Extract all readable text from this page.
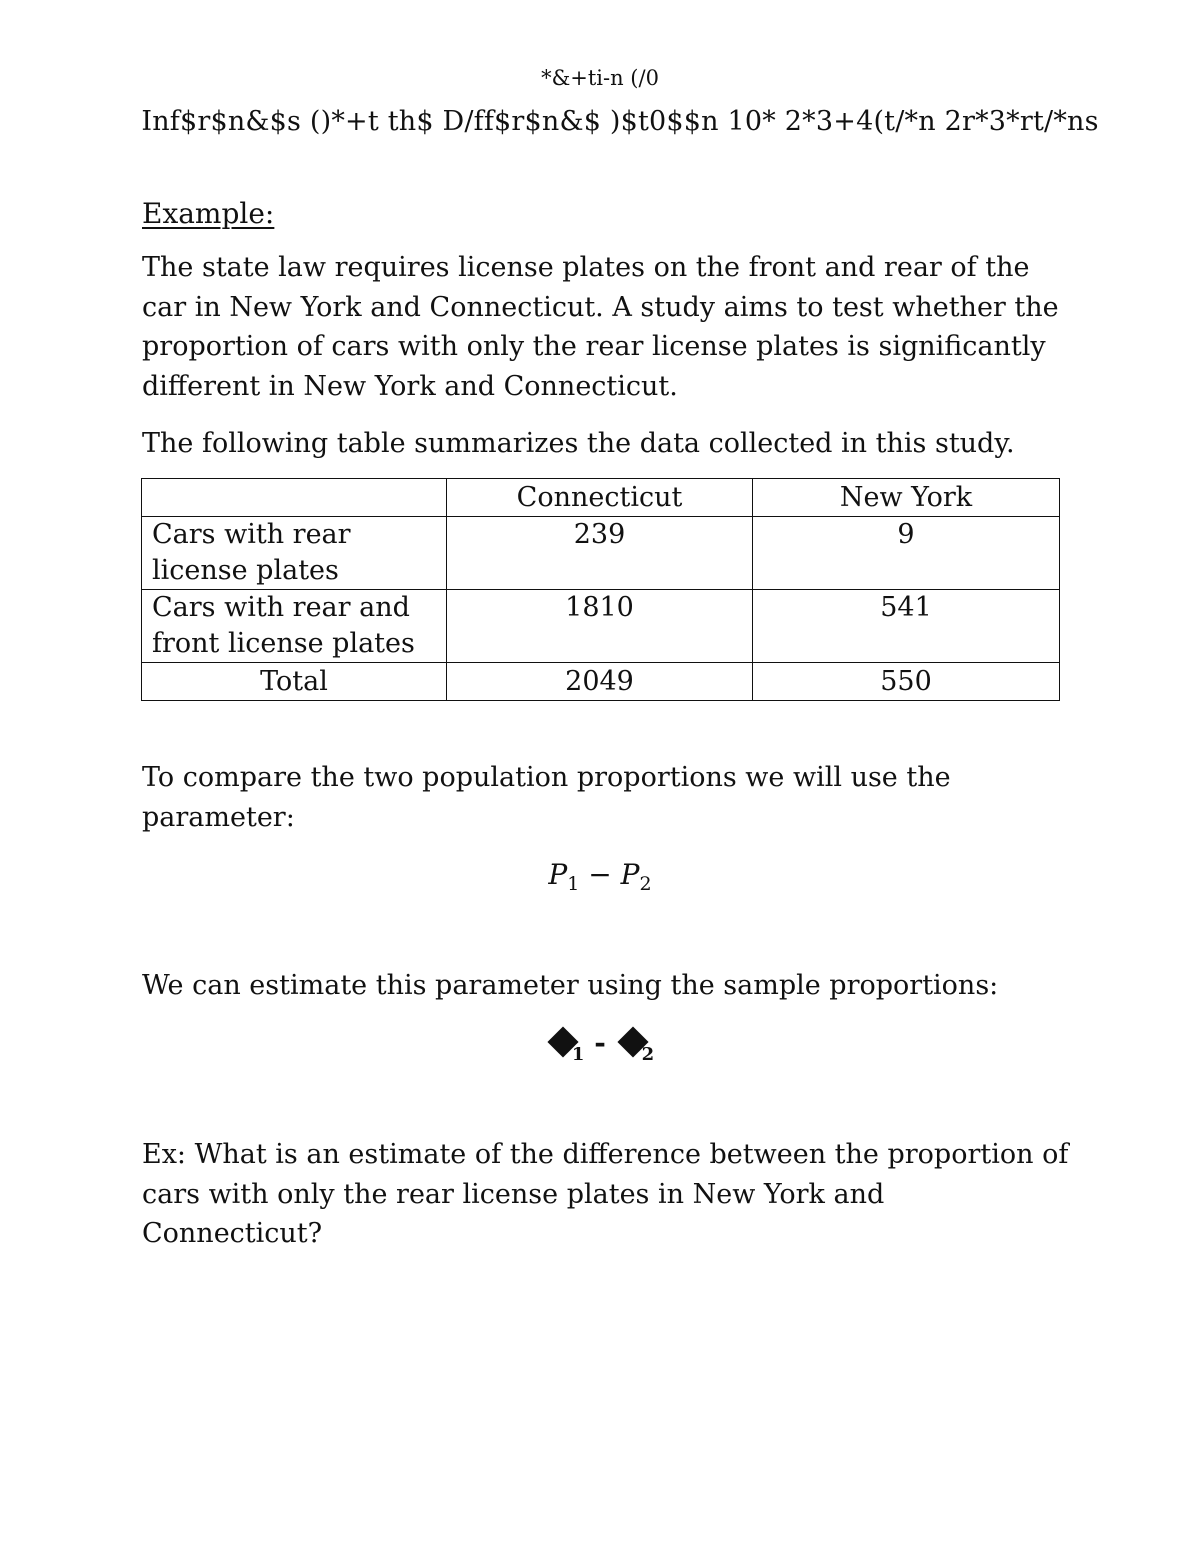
*&+ti-n (/0
Inf$r$n&$s ()*+t th$ D/ff$r$n&$ )$t0$$n 10* 2*3+4(t/*n 2r*3*rt/*ns
Example:

The state law requires license plates on the front and rear of the car in New York and Connecticut. A study aims to test whether the proportion of cars with only the rear license plates is significantly different in New York and Connecticut.

The following table summarizes the data collected in this study.

	Connecticut	New York
Cars with rear license plates	239	9
Cars with rear and front license plates	1810	541
Total	2049	550

To compare the two population proportions we will use the parameter:

$P_1 - P_2$

We can estimate this parameter using the sample proportions:

$_1$ - $_2$

Ex: What is an estimate of the difference between the proportion of cars with only the rear license plates in New York and Connecticut?
